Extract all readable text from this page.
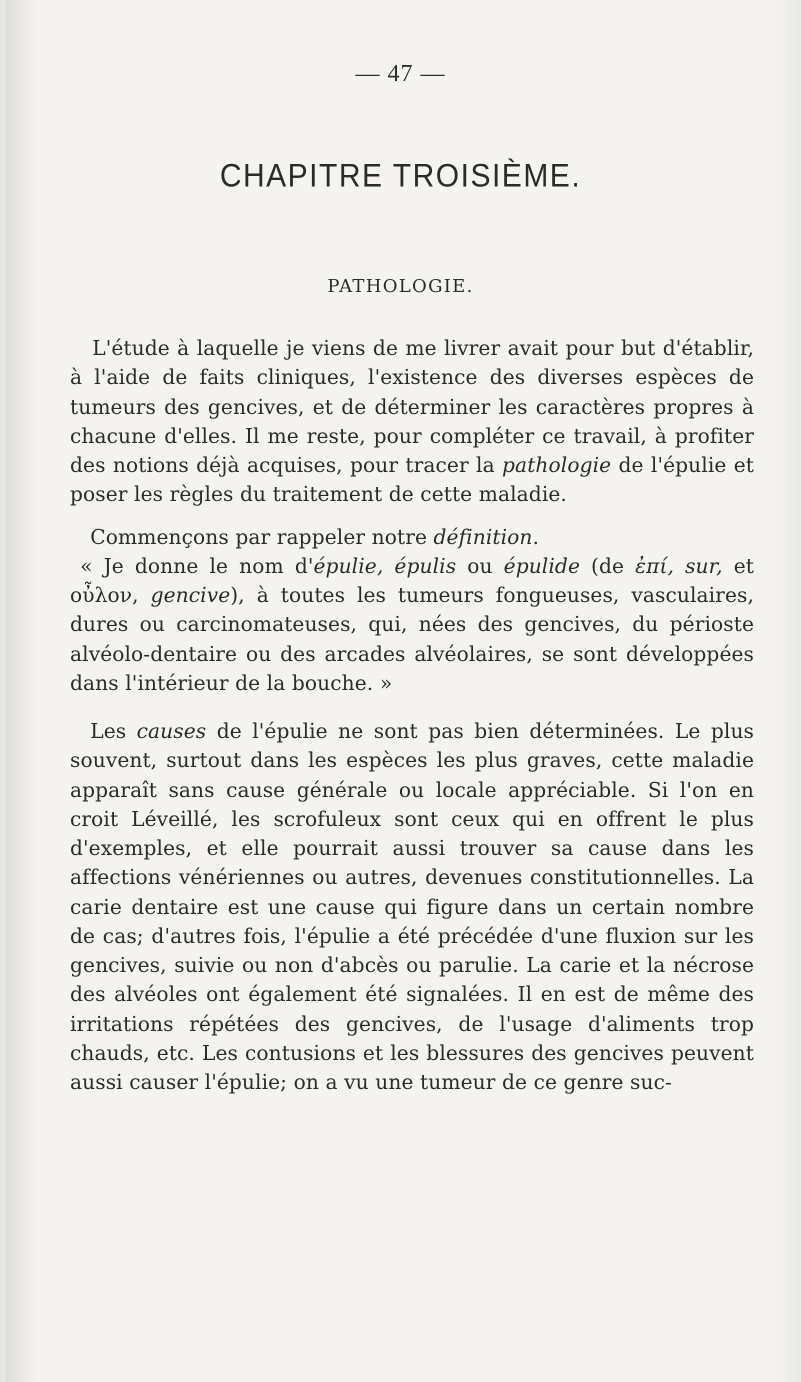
— 47 —
CHAPITRE TROISIÈME.
PATHOLOGIE.

L'étude à laquelle je viens de me livrer avait pour but d'établir, à l'aide de faits cliniques, l'existence des diverses espèces de tumeurs des gencives, et de déterminer les caractères propres à chacune d'elles. Il me reste, pour compléter ce travail, à profiter des notions déjà acquises, pour tracer la pathologie de l'épulie et poser les règles du traitement de cette maladie.

Commençons par rappeler notre définition.

« Je donne le nom d'épulie, épulis ou épulide (de ἐπί, sur, et οὖλον, gencive), à toutes les tumeurs fongueuses, vasculaires, dures ou carcinomateuses, qui, nées des gencives, du périoste alvéolo-dentaire ou des arcades alvéolaires, se sont développées dans l'intérieur de la bouche. »

Les causes de l'épulie ne sont pas bien déterminées. Le plus souvent, surtout dans les espèces les plus graves, cette maladie apparaît sans cause générale ou locale appréciable. Si l'on en croit Léveillé, les scrofuleux sont ceux qui en offrent le plus d'exemples, et elle pourrait aussi trouver sa cause dans les affections vénériennes ou autres, devenues constitutionnelles. La carie dentaire est une cause qui figure dans un certain nombre de cas; d'autres fois, l'épulie a été précédée d'une fluxion sur les gencives, suivie ou non d'abcès ou parulie. La carie et la nécrose des alvéoles ont également été signalées. Il en est de même des irritations répétées des gencives, de l'usage d'aliments trop chauds, etc. Les contusions et les blessures des gencives peuvent aussi causer l'épulie; on a vu une tumeur de ce genre suc-
